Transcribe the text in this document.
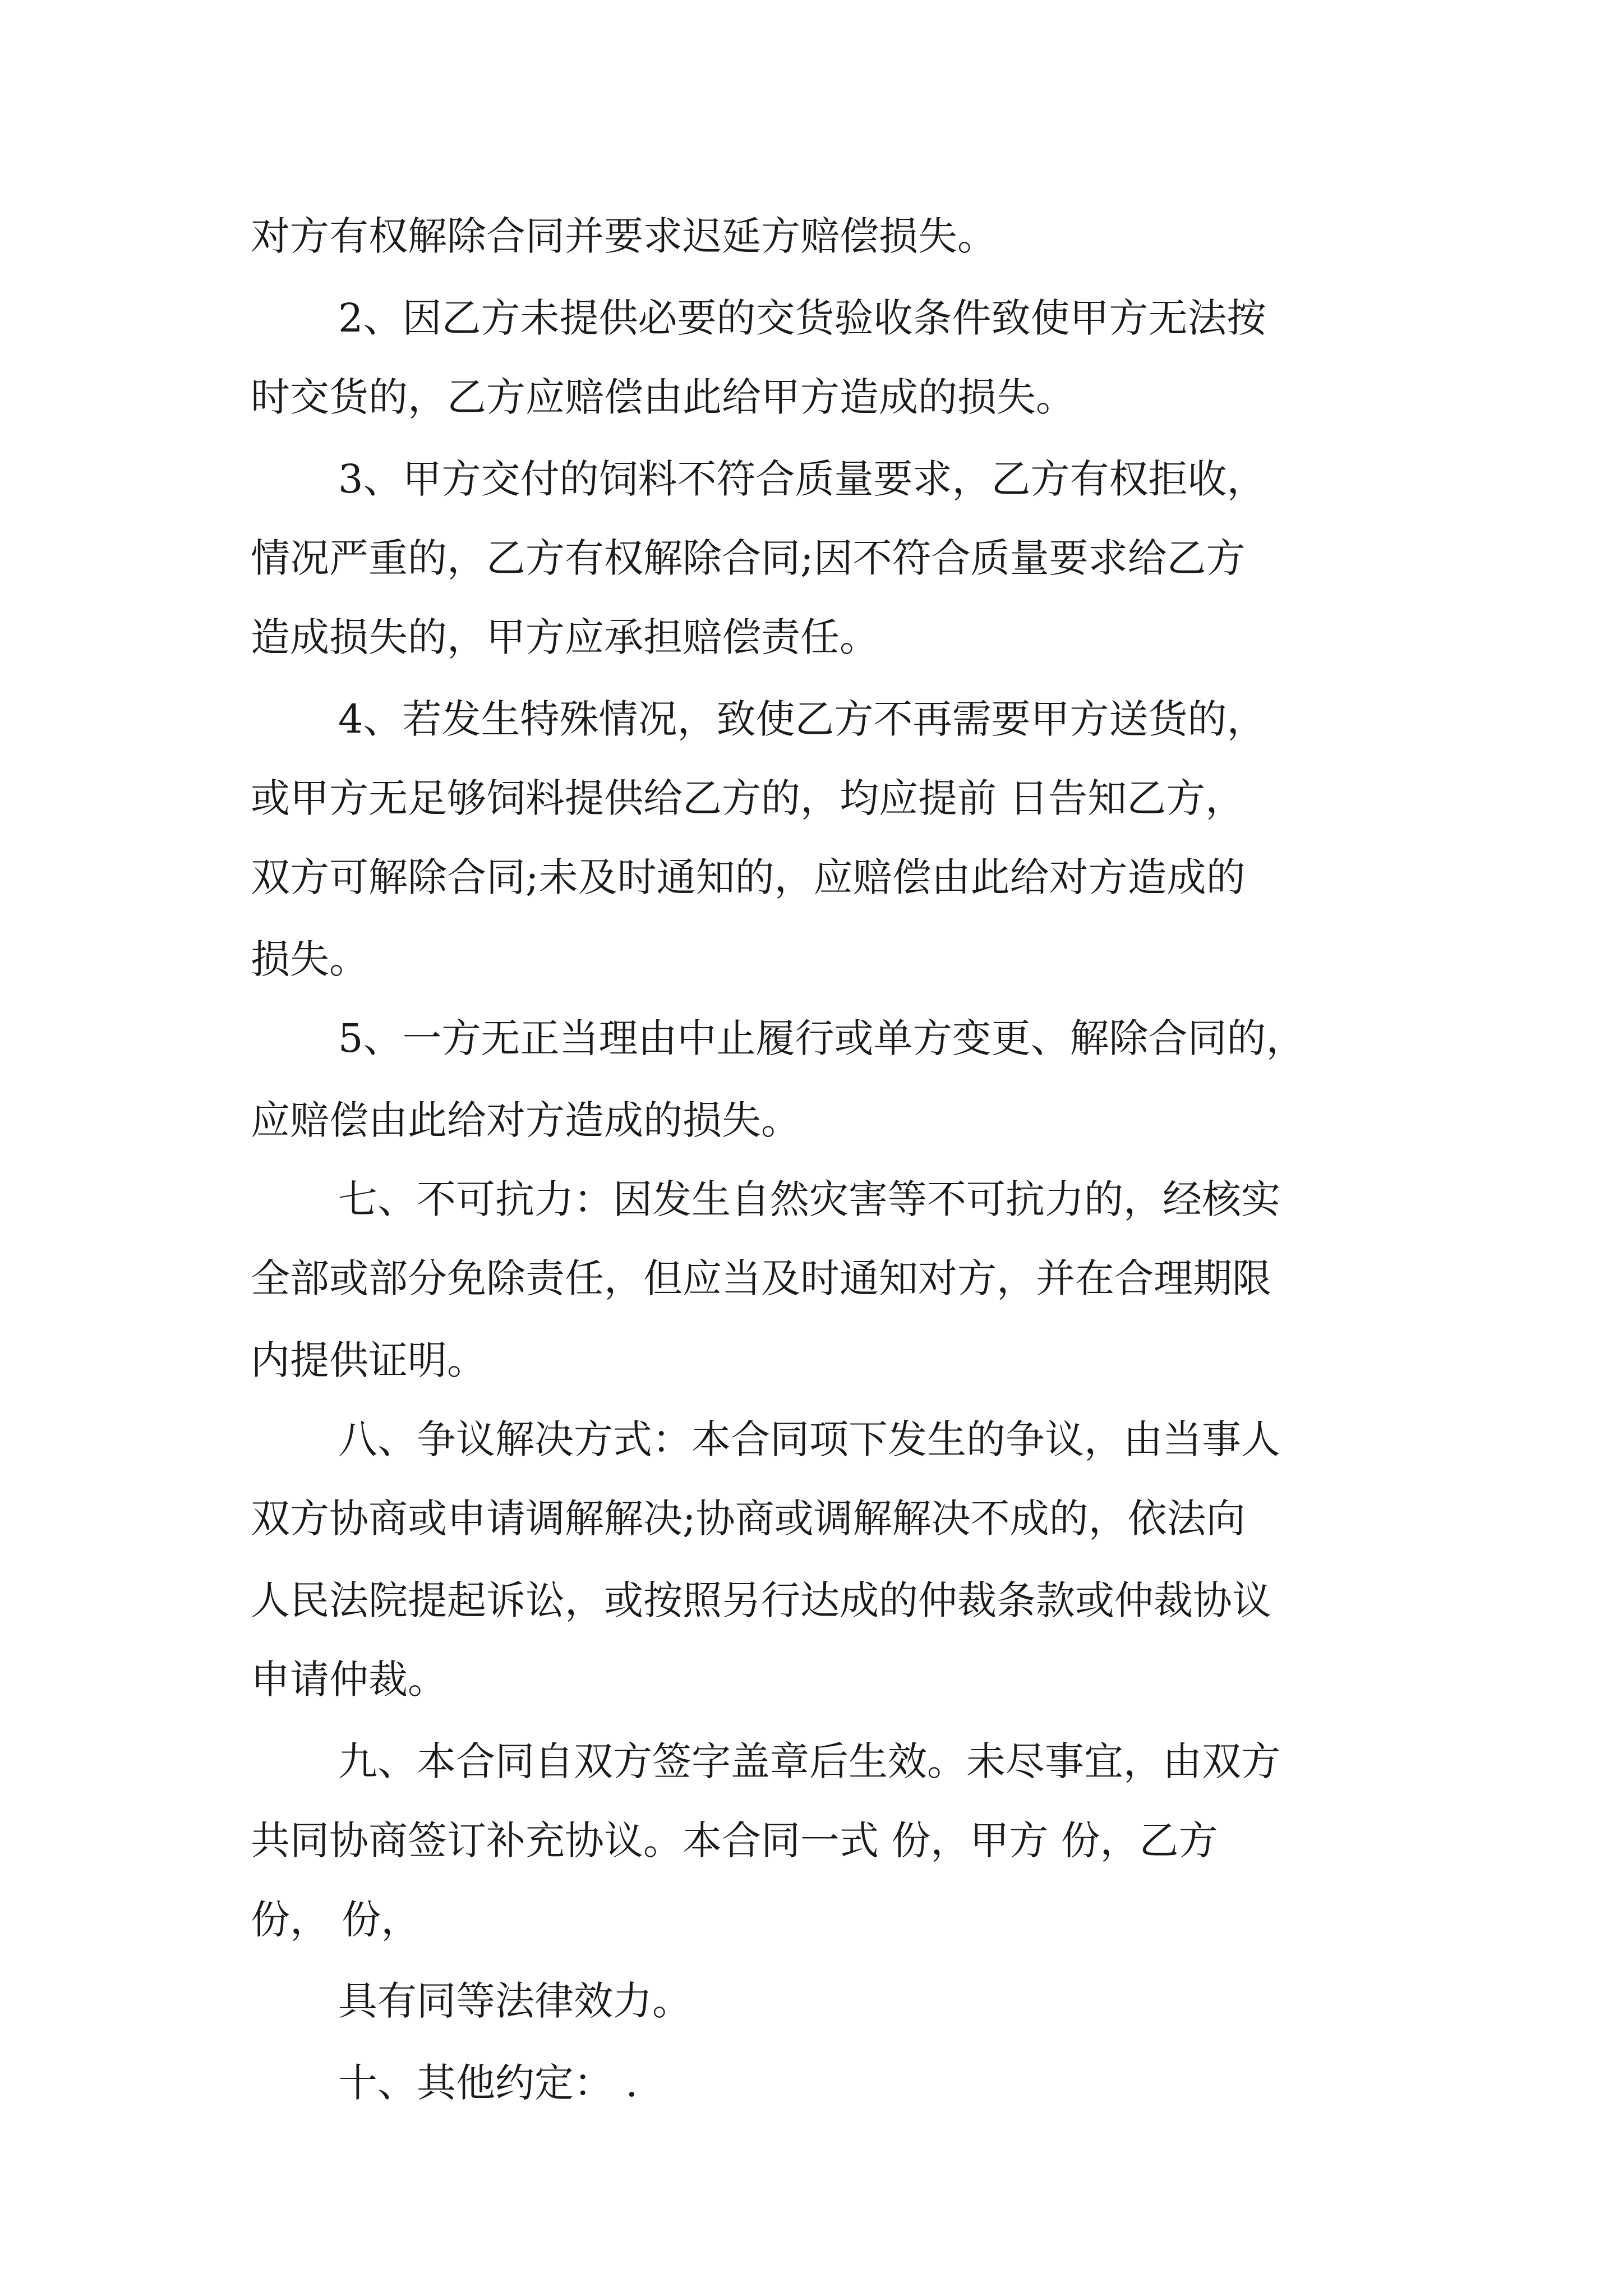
对方有权解除合同并要求迟延方赔偿损失。
2、因乙方未提供必要的交货验收条件致使甲方无法按
时交货的，乙方应赔偿由此给甲方造成的损失。
3、甲方交付的饲料不符合质量要求，乙方有权拒收，
情况严重的，乙方有权解除合同;因不符合质量要求给乙方
造成损失的，甲方应承担赔偿责任。
4、若发生特殊情况，致使乙方不再需要甲方送货的，
或甲方无足够饲料提供给乙方的，均应提前 日告知乙方，
双方可解除合同;未及时通知的，应赔偿由此给对方造成的
损失。
5、一方无正当理由中止履行或单方变更、解除合同的，
应赔偿由此给对方造成的损失。
七、不可抗力：因发生自然灾害等不可抗力的，经核实
全部或部分免除责任，但应当及时通知对方，并在合理期限
内提供证明。
八、争议解决方式：本合同项下发生的争议，由当事人
双方协商或申请调解解决;协商或调解解决不成的，依法向
人民法院提起诉讼，或按照另行达成的仲裁条款或仲裁协议
申请仲裁。
九、本合同自双方签字盖章后生效。未尽事宜，由双方
共同协商签订补充协议。本合同一式 份，甲方 份，乙方
份， 份，
具有同等法律效力。
十、其他约定： .
